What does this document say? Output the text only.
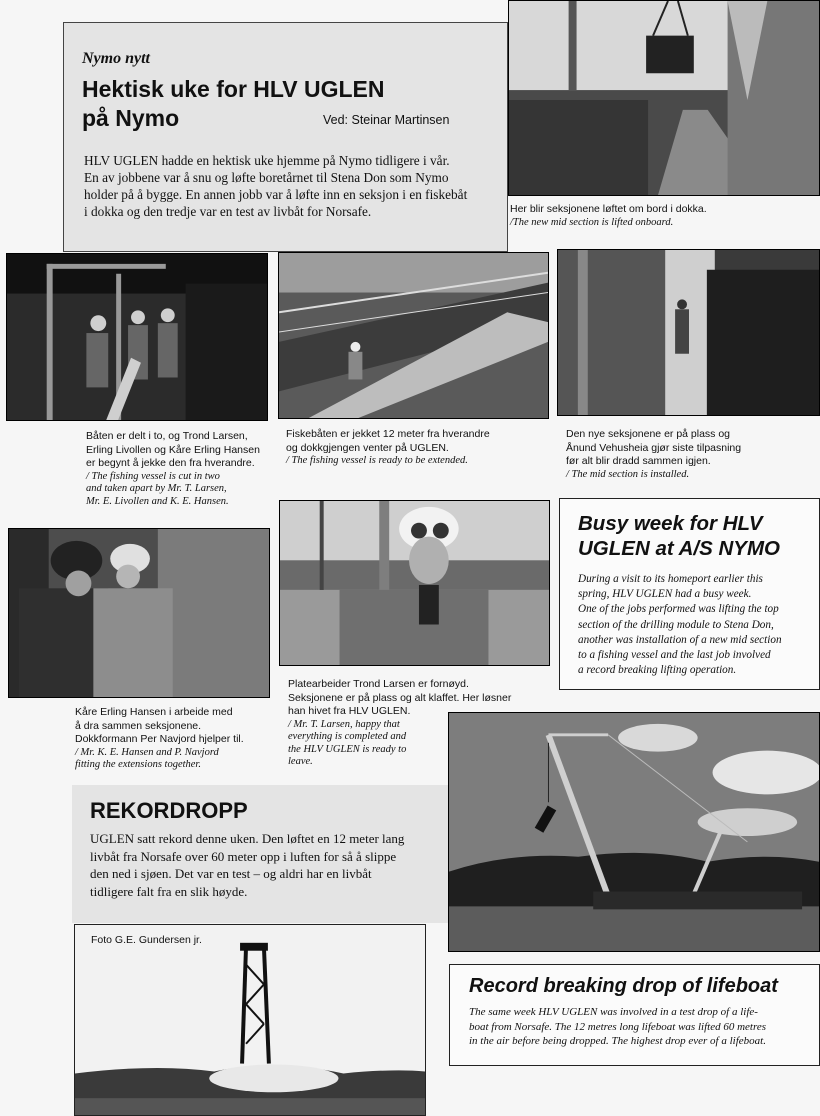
Nymo nytt
Hektisk uke for HLV UGLEN
på Nymo	Ved: Steinar Martinsen
HLV UGLEN hadde en hektisk uke hjemme på Nymo tidligere i vår.
En av jobbene var å snu og løfte boretårnet til Stena Don som Nymo
holder på å bygge. En annen jobb var å løfte inn en seksjon i en fiskebåt
i dokka og den tredje var en test av livbåt for Norsafe.	Her blir seksjonene løftet om bord i dokka.
/The new mid section is lifted onboard.
Båten er delt i to, og Trond Larsen,
Erling Livollen og Kåre Erling Hansen
er begynt å jekke den fra hverandre.
/ The fishing vessel is cut in two
and taken apart by Mr. T. Larsen,
Mr. E. Livollen and K. E. Hansen.
Fiskebåten er jekket 12 meter fra hverandre
og dokkgjengen venter på UGLEN.
/ The fishing vessel is ready to be extended.
Den nye seksjonene er på plass og
Ånund Vehusheia gjør siste tilpasning
før alt blir dradd sammen igjen.
/ The mid section is installed.
Kåre Erling Hansen i arbeide med
å dra sammen seksjonene.
Dokkformann Per Navjord hjelper til.
/ Mr. K. E. Hansen and P. Navjord
fitting the extensions together.
Platearbeider Trond Larsen er fornøyd.
Seksjonene er på plass og alt klaffet. Her løsner
han hivet fra HLV UGLEN.
/ Mr. T. Larsen, happy that
everything is completed and
the HLV UGLEN is ready to
leave.
Busy week for HLV
UGLEN at A/S NYMO
During a visit to its homeport earlier this
spring, HLV UGLEN had a busy week.
One of the jobs performed was lifting the top
section of the drilling module to Stena Don,
another was installation of a new mid section
to a fishing vessel and the last job involved
a record breaking lifting operation.
REKORDROPP
UGLEN satt rekord denne uken. Den løftet en 12 meter lang
livbåt fra Norsafe over 60 meter opp i luften for så å slippe
den ned i sjøen. Det var en test – og aldri har en livbåt
tidligere falt fra en slik høyde.
Foto G.E. Gundersen jr.
Record breaking drop of lifeboat
The same week HLV UGLEN was involved in a test drop of a life-
boat from Norsafe. The 12 metres long lifeboat was lifted 60 metres
in the air before being dropped. The highest drop ever of a lifeboat.
